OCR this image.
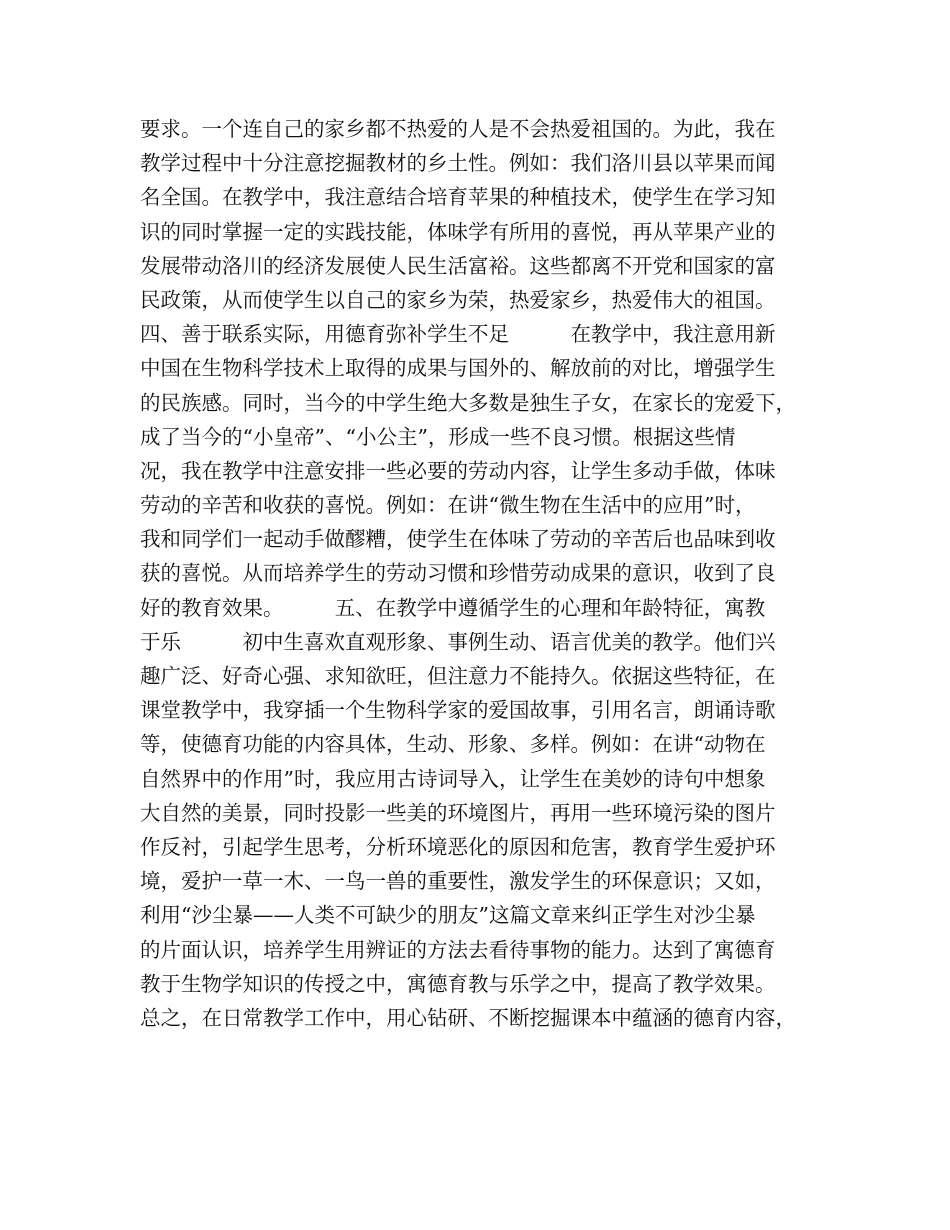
要求。一个连自己的家乡都不热爱的人是不会热爱祖国的。为此，我在
教学过程中十分注意挖掘教材的乡土性。例如：我们洛川县以苹果而闻
名全国。在教学中，我注意结合培育苹果的种植技术，使学生在学习知
识的同时掌握一定的实践技能，体味学有所用的喜悦，再从苹果产业的
发展带动洛川的经济发展使人民生活富裕。这些都离不开党和国家的富
民政策，从而使学生以自己的家乡为荣，热爱家乡，热爱伟大的祖国。
四、善于联系实际，用德育弥补学生不足　　　在教学中，我注意用新
中国在生物科学技术上取得的成果与国外的、解放前的对比，增强学生
的民族感。同时，当今的中学生绝大多数是独生子女，在家长的宠爱下，
成了当今的“小皇帝”、“小公主”，形成一些不良习惯。根据这些情
况，我在教学中注意安排一些必要的劳动内容，让学生多动手做，体味
劳动的辛苦和收获的喜悦。例如：在讲“微生物在生活中的应用”时，
我和同学们一起动手做醪糟，使学生在体味了劳动的辛苦后也品味到收
获的喜悦。从而培养学生的劳动习惯和珍惜劳动成果的意识，收到了良
好的教育效果。　　　五、在教学中遵循学生的心理和年龄特征，寓教
于乐　　　初中生喜欢直观形象、事例生动、语言优美的教学。他们兴
趣广泛、好奇心强、求知欲旺，但注意力不能持久。依据这些特征，在
课堂教学中，我穿插一个生物科学家的爱国故事，引用名言，朗诵诗歌
等，使德育功能的内容具体，生动、形象、多样。例如：在讲“动物在
自然界中的作用”时，我应用古诗词导入，让学生在美妙的诗句中想象
大自然的美景，同时投影一些美的环境图片，再用一些环境污染的图片
作反衬，引起学生思考，分析环境恶化的原因和危害，教育学生爱护环
境，爱护一草一木、一鸟一兽的重要性，激发学生的环保意识；又如，
利用“沙尘暴——人类不可缺少的朋友”这篇文章来纠正学生对沙尘暴
的片面认识，培养学生用辨证的方法去看待事物的能力。达到了寓德育
教于生物学知识的传授之中，寓德育教与乐学之中，提高了教学效果。
总之，在日常教学工作中，用心钻研、不断挖掘课本中蕴涵的德育内容，
